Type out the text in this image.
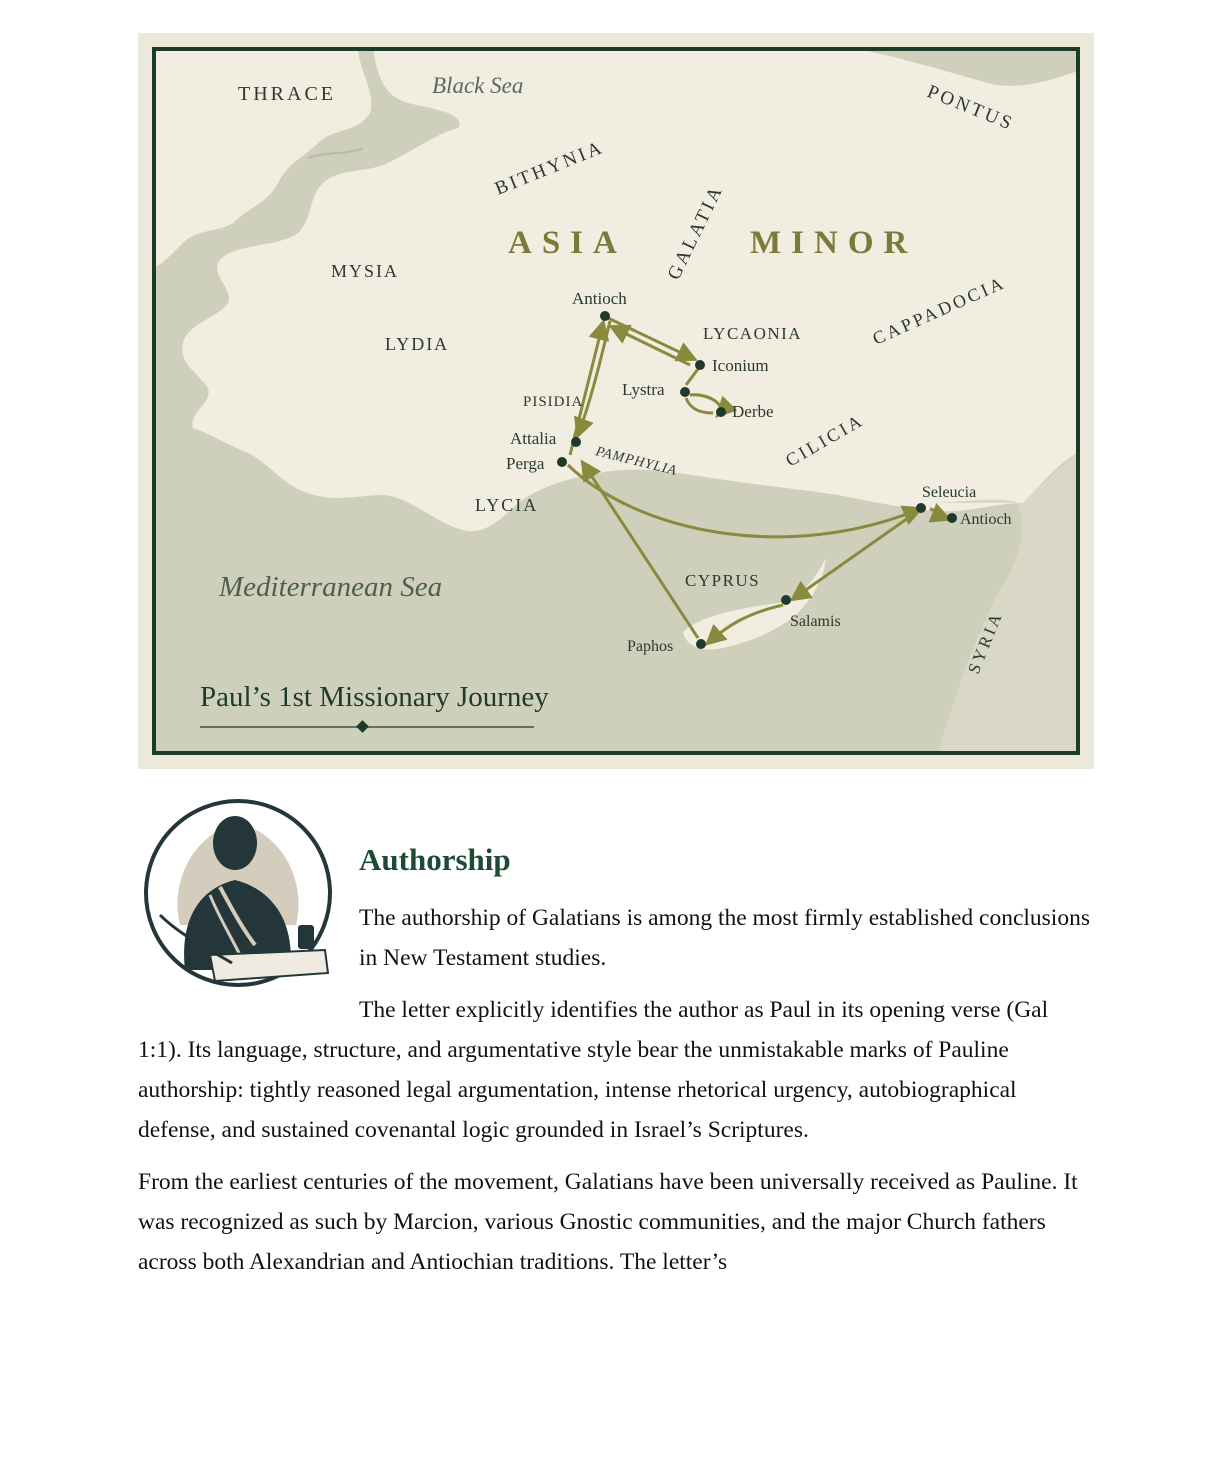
THRACE	Black Sea	PONTUS
BITHYNIA
GALATIA
ASIA	MINOR
MYSIA
LYDIA	CAPPADOCIA
LYCAONIA
PISIDIA
PAMPHYLIA	CILICIA
LYCIA
Mediterranean Sea	CYPRUS
SYRIA
Antioch
Iconium
Lystra
Derbe
Attalia
Perga
Seleucia
Antioch
Salamis
Paphos
Paul’s 1st Missionary Journey
Authorship

The authorship of Galatians is among the most firmly established conclusions in New Testament studies.

The letter explicitly identifies the author as Paul in its opening verse (Gal 1:1). Its language, structure, and argumentative style bear the unmistakable marks of Pauline authorship: tightly reasoned legal argumentation, intense rhetorical urgency, autobiographical defense, and sustained covenantal logic grounded in Israel’s Scriptures.

From the earliest centuries of the movement, Galatians have been universally received as Pauline. It was recognized as such by Marcion, various Gnostic communities, and the major Church fathers across both Alexandrian and Antiochian traditions. The letter’s
